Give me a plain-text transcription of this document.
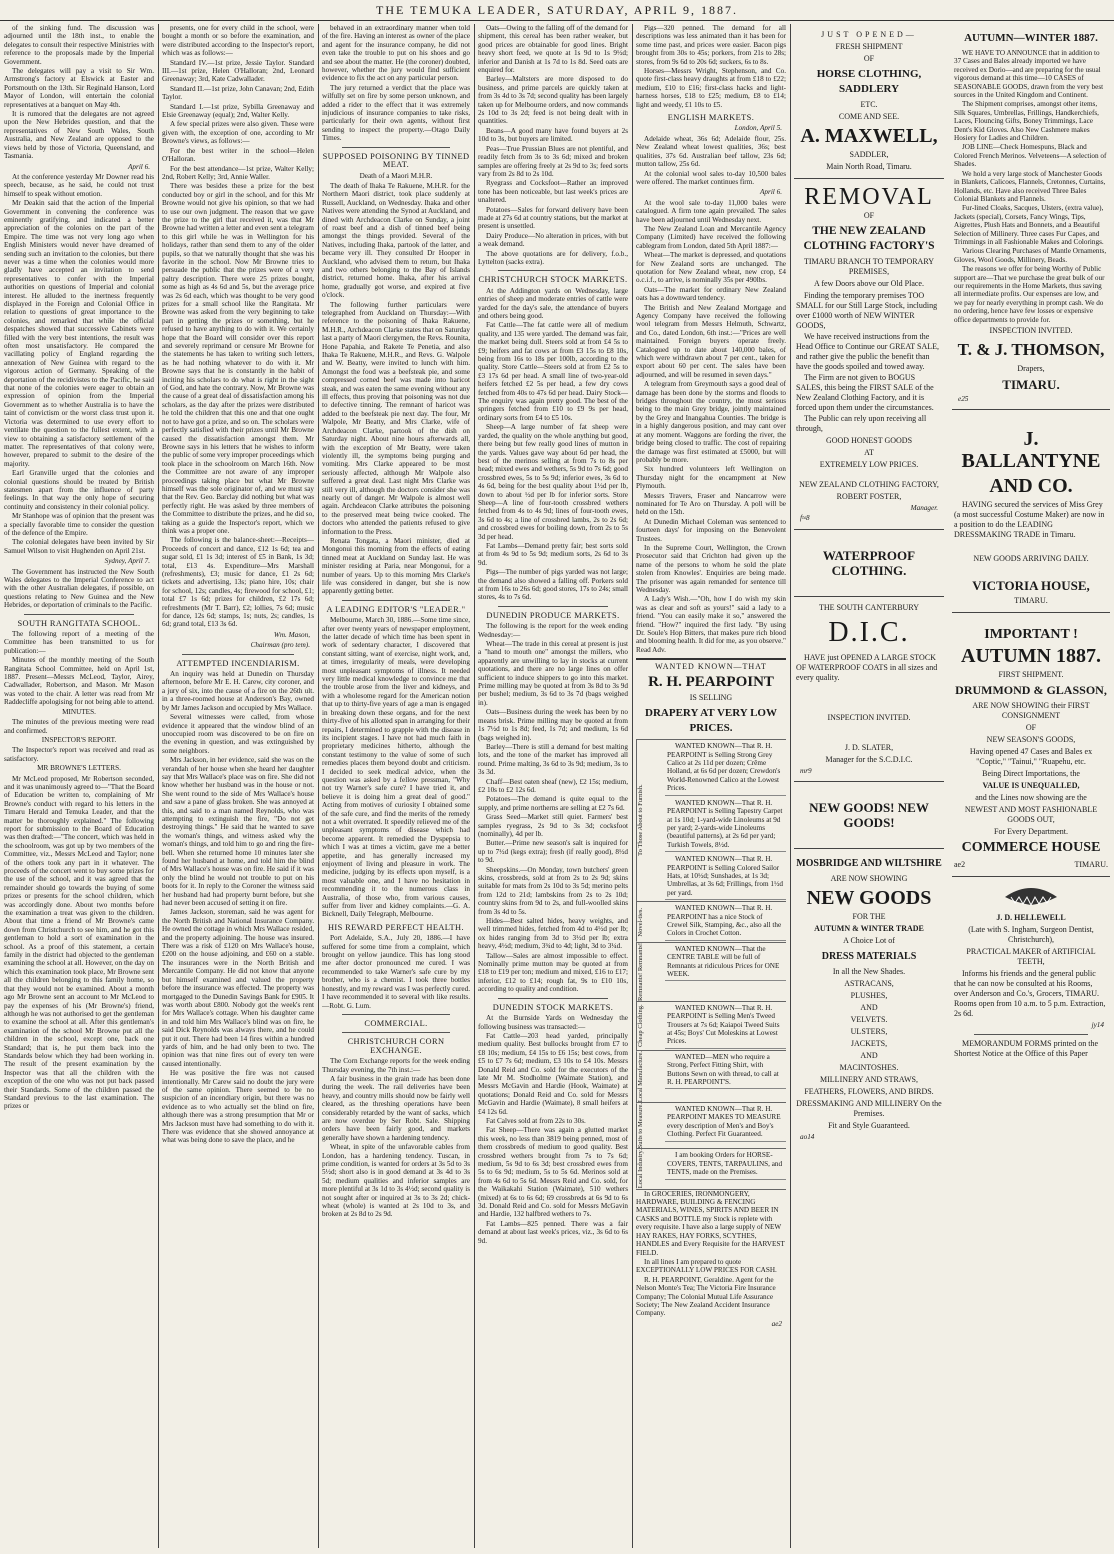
THE TEMUKA LEADER, SATURDAY, APRIL 9, 1887.

of the sinking fund. The discussion was adjourned until the 18th inst., to enable the delegates to consult their respective Ministries with reference to the proposals made by the Imperial Government.

The delegates will pay a visit to Sir Wm. Armstrong's factory at Elswick at Easter and Portsmouth on the 13th. Sir Reginald Hanson, Lord Mayor of London, will entertain the colonial representatives at a banquet on May 4th.

It is rumored that the delegates are not agreed upon the New Hebrides question, and that the representatives of New South Wales, South Australia, and New Zealand are opposed to the views held by those of Victoria, Queensland, and Tasmania.

April 6.

At the conference yesterday Mr Downer read his speech, because, as he said, he could not trust himself to speak without emotion.

Mr Deakin said that the action of the Imperial Government in convening the conference was eminently gratifying, and indicated a better appreciation of the colonies on the part of the Empire. The time was not very long ago when English Ministers would never have dreamed of sending such an invitation to the colonies, but there never was a time when the colonies would more gladly have accepted an invitation to send representatives to confer with the Imperial authorities on questions of Imperial and colonial interest. He alluded to the inertness frequently displayed in the Foreign and Colonial Office in relation to questions of great importance to the colonies, and remarked that while the official despatches showed that successive Cabinets were filled with the very best intentions, the result was often most unsatisfactory. He compared the vacillating policy of England regarding the annexation of New Guinea with regard to the vigorous action of Germany. Speaking of the deportation of the recidivistes to the Pacific, he said that none of the colonies were eager to obtain an expression of opinion from the Imperial Government as to whether Australia is to have the taint of convictism or the worst class trust upon it. Victoria was determined to use every effort to ventilate the question to the fullest extent, with a view to obtaining a satisfactory settlement of the matter. The representatives of that colony were, however, prepared to submit to the desire of the majority.

Earl Granville urged that the colonies and colonial questions should be treated by British statesmen apart from the influence of party feelings. In that way the only hope of securing continuity and consistency in their colonial policy.

Mr Stanhope was of opinion that the present was a specially favorable time to consider the question of the defence of the Empire.

The colonial delegates have been invited by Sir Samuel Wilson to visit Hughenden on April 21st.

Sydney, April 7.

The Government has instructed the New South Wales delegates to the Imperial Conference to act with the other Australian delegates, if possible, on questions relating to New Guinea and the New Hebrides, or deportation of criminals to the Pacific.

SOUTH RANGITATA SCHOOL.

The following report of a meeting of the Committee has been transmitted to us for publication:—

Minutes of the monthly meeting of the South Rangitata School Committee, held on April 1st, 1887. Present—Messrs McLeod, Taylor, Airey, Cadwallader, Robertson, and Mason. Mr Mason was voted to the chair. A letter was read from Mr Raddecliffe apologising for not being able to attend.

MINUTES.

The minutes of the previous meeting were read and confirmed.

INSPECTOR'S REPORT.

The Inspector's report was received and read as satisfactory.

MR BROWNE'S LETTERS.

Mr McLeod proposed, Mr Robertson seconded, and it was unanimously agreed to—"That the Board of Education be written to, complaining of Mr Browne's conduct with regard to his letters in the Timaru Herald and Temuka Leader, and that the matter be thoroughly explained." The following report for submission to the Board of Education was then drafted:—"The concert, which was held in the schoolroom, was got up by two members of the Committee, viz., Messrs McLeod and Taylor; none of the others took any part in it whatever. The proceeds of the concert went to buy some prizes for the use of the school, and it was agreed that the remainder should go towards the buying of some prizes or presents for the school children, which was accordingly done. About two months before the examination a treat was given to the children. About that time a friend of Mr Browne's came down from Christchurch to see him, and he got this gentleman to hold a sort of examination in the school. As a proof of this statement, a certain family in the district had objected to the gentleman examining the school at all. However, on the day on which this examination took place, Mr Browne sent all the children belonging to this family home, so that they would not be examined. About a month ago Mr Browne sent an account to Mr McLeod to pay the expenses of his (Mr Browne's) friend, although he was not authorised to get the gentleman to examine the school at all. After this gentleman's examination of the school Mr Browne put all the children in the school, except one, back one Standard; that is, he put them back into the Standards below which they had been working in. The result of the present examination by the Inspector was that all the children with the exception of the one who was not put back passed their Standards. Some of the children passed the Standard previous to the last examination. The prizes or

presents, one for every child in the school, were bought a month or so before the examination, and were distributed according to the Inspector's report, which was as follows:—

Standard IV.—1st prize, Jessie Taylor. Standard III.—1st prize, Helen O'Halloran; 2nd, Leonard Greenaway; 3rd, Kate Cadwallader.

Standard II.—1st prize, John Canavan; 2nd, Edith Taylor.

Standard I.—1st prize, Sybilla Greenaway and Elsie Greenaway (equal); 2nd, Walter Kelly.

A few special prizes were also given. These were given with, the exception of one, according to Mr Browne's views, as follows:—

For the best writer in the school—Helen O'Halloran.

For the best attendance—1st prize, Walter Kelly; 2nd, Robert Kelly; 3rd, Annie Waller.

There was besides these a prize for the best conducted boy or girl in the school, and for this Mr Browne would not give his opinion, so that we had to use our own judgment. The reason that we gave the prize to the girl that received it, was that Mr Browne had written a letter and even sent a telegram to this girl while he was in Wellington for his holidays, rather than send them to any of the older pupils, so that we naturally thought that she was his favorite in the school. Now Mr Browne tries to persuade the public that the prizes were of a very paltry description. There were 25 prizes bought, some as high as 4s 6d and 5s, but the average price was 2s 6d each, which was thought to be very good prizes for a small school like the Rangitata. Mr Browne was asked from the very beginning to take part in getting the prizes or something, but he refused to have anything to do with it. We certainly hope that the Board will consider over this report and severely reprimand or censure Mr Browne for the statements he has taken to writing such letters, as he had nothing whatever to do with it. Mr Browne says that he is constantly in the habit of inciting his scholars to do what is right in the sight of God, and hate the contrary. Now, Mr Browne was the cause of a great deal of dissatisfaction among his scholars, as the day after the prizes were distributed he told the children that this one and that one ought not to have got a prize, and so on. The scholars were perfectly satisfied with their prizes until Mr Browne caused the dissatisfaction amongst them. Mr Browne says in his letters that he wishes to inform the public of some very improper proceedings which took place in the schoolroom on March 16th. Now the Committee are not aware of any improper proceedings taking place but what Mr Browne himself was the sole originator of, and we must say that the Rev. Geo. Barclay did nothing but what was perfectly right. He was asked by three members of the Committee to distribute the prizes, and he did so, taking as a guide the Inspector's report, which we think was a proper one.

The following is the balance-sheet:—Receipts—Proceeds of concert and dance, £12 1s 6d; tea and sugar sold, £1 1s 3d; interest of £5 in Bank, 1s 3d; total, £13 4s. Expenditure—Mrs Marshall (refreshments), £3; music for dance, £1 2s 6d; tickets and advertising, 13s; piano hire, 10s; chair for school, 12s; candles, 4s; firewood for school, £1; total £7 1s 6d; prizes for children, £2 17s 6d; refreshments (Mr T. Barr), £2; lollies, 7s 6d; music for dance, 12s 6d; stamps, 1s; nuts, 2s; candles, 1s 6d; grand total, £13 3s 6d.

Wm. Mason,
Chairman (pro tem).
ATTEMPTED INCENDIARISM.

An inquiry was held at Dunedin on Thursday afternoon, before Mr E. H. Carew, city coroner, and a jury of six, into the cause of a fire on the 26th ult. in a three-roomed house at Anderson's Bay, owned by Mr James Jackson and occupied by Mrs Wallace.

Several witnesses were called, from whose evidence it appeared that the window blind of an unoccupied room was discovered to be on fire on the evening in question, and was extinguished by some neighbors.

Mrs Jackson, in her evidence, said she was on the verandah of her house when she heard her daughter say that Mrs Wallace's place was on fire. She did not know whether her husband was in the house or not. She went round to the side of Mrs Wallace's house and saw a pane of glass broken. She was annoyed at this, and said to a man named Reynolds, who was attempting to extinguish the fire, "Do not get destroying things." He said that he wanted to save the woman's things, and witness asked why the woman's things, and told him to go and ring the fire-bell. When she returned home 10 minutes later she found her husband at home, and told him the blind of Mrs Wallace's house was on fire. He said if it was only the blind he would not trouble to put on his boots for it. In reply to the Coroner the witness said her husband had had property burnt before, but she had never been accused of setting it on fire.

James Jackson, storeman, said he was agent for the North British and National Insurance Company. He owned the cottage in which Mrs Wallace resided, and the property adjoining. The house was insured. There was a risk of £120 on Mrs Wallace's house, £200 on the house adjoining, and £60 on a stable. The insurances were in the North British and Mercantile Company. He did not know that anyone but himself examined and valued the property before the insurance was effected. The property was mortgaged to the Dunedin Savings Bank for £905. It was worth about £800. Nobody got the week's rent for Mrs Wallace's cottage. When his daughter came in and told him Mrs Wallace's blind was on fire, he said Dick Reynolds was always there, and he could put it out. There had been 14 fires within a hundred yards of him, and he had only been to two. The opinion was that nine fires out of every ten were caused intentionally.

He was positive the fire was not caused intentionally. Mr Carew said no doubt the jury were of the same opinion. There seemed to be no suspicion of an incendiary origin, but there was no evidence as to who actually set the blind on fire, although there was a strong presumption that Mr or Mrs Jackson must have had something to do with it. There was evidence that she showed annoyance at what was being done to save the place, and he

behaved in an extraordinary manner when told of the fire. Having an interest as owner of the place and agent for the insurance company, he did not even take the trouble to put on his shoes and go and see about the matter. He (the coroner) doubted, however, whether the jury would find sufficient evidence to fix the act on any particular person.

The jury returned a verdict that the place was wilfully set on fire by some person unknown, and added a rider to the effect that it was extremely injudicious of insurance companies to take risks, particularly for their own agents, without first sending to inspect the property.—Otago Daily Times.

SUPPOSED POISONING BY TINNED MEAT.
Death of a Maori M.H.R.

The death of Ihaka Te Rakuene, M.H.R. for the Northern Maori district, took place suddenly at Russell, Auckland, on Wednesday. Ihaka and other Natives were attending the Synod at Auckland, and dined with Archdeacon Clarke on Sunday, a joint of roast beef and a dish of tinned beef being amongst the things provided. Several of the Natives, including Ihaka, partook of the latter, and became very ill. They consulted Dr Hooper in Auckland, who advised them to return, but Ihaka and two others belonging to the Bay of Islands district, returned home. Ihaka, after his arrival home, gradually got worse, and expired at five o'clock.

The following further particulars were telegraphed from Auckland on Thursday:—With reference to the poisoning of Ihaka Rakuene, M.H.R., Archdeacon Clarke states that on Saturday last a party of Maori clergymen, the Revs. Rounita, Hone Papahia, and Rakete Te Penetia, and also Ihaka Te Rakuene, M.H.R., and Revs. G. Walpole and W. Beatty, were invited to lunch with him. Amongst the food was a beefsteak pie, and some compressed corned beef was made into haricot steak, and was eaten the same evening without any ill effects, thus proving that poisoning was not due to defective tinning. The remnant of haricot was added to the beefsteak pie next day. The four, Mr Walpole, Mr Beatty, and Mrs Clarke, wife of Archdeacon Clarke, partook of the dish on Saturday night. About nine hours afterwards all, with the exception of Mr Beatty, were taken violently ill, the symptoms being purging and vomiting. Mrs Clarke appeared to be most seriously affected, although Mr Walpole also suffered a great deal. Last night Mrs Clarke was still very ill, although the doctors consider she was nearly out of danger. Mr Walpole is almost well again. Archdeacon Clarke attributes the poisoning to the preserved meat being twice cooked. The doctors who attended the patients refused to give information to the Press.

Renata Tongata, a Maori minister, died at Mongonui this morning from the effects of eating tinned meat at Auckland on Sunday last. He was minister residing at Paria, near Mongonui, for a number of years. Up to this morning Mrs Clarke's life was considered in danger, but she is now apparently getting better.

A LEADING EDITOR'S "LEADER."

Melbourne, March 30, 1886.—Some time since, after over twenty years of newspaper employment, the latter decade of which time has been spent in work of sedentary character, I discovered that constant sitting, want of exercise, night work, and, at times, irregularity of meals, were developing most unpleasant symptoms of illness. It needed very little medical knowledge to convince me that the trouble arose from the liver and kidneys, and with a wholesome regard for the American notion that up to thirty-five years of age a man is engaged in breaking down these organs, and for the next thirty-five of his allotted span in arranging for their repairs, I determined to grapple with the disease in its incipient stages. I have not had much faith in proprietary medicines hitherto, although the constant testimony to the value of some of such remedies places them beyond doubt and criticism. I decided to seek medical advice, when the question was asked by a fellow pressman, "Why not try Warner's safe cure? I have tried it, and believe it is doing him a great deal of good." Acting from motives of curiosity I obtained some of the safe cure, and find the merits of the remedy not a whit overrated. It speedily relieved me of the unpleasant symptoms of disease which had become apparent. It remedied the Dyspepsia to which I was at times a victim, gave me a better appetite, and has generally increased my enjoyment of living and pleasure in work. The medicine, judging by its effects upon myself, is a most valuable one, and I have no hesitation in recommending it to the numerous class in Australia, of those who, from various causes, suffer from liver and kidney complaints.—G. A. Bicknell, Daily Telegraph, Melbourne.

HIS REWARD PERFECT HEALTH.

Port Adelaide, S.A., July 20, 1886.—I have suffered for some time from a complaint, which brought on yellow jaundice. This has long stood me after doctor pronounced me cured. I was recommended to take Warner's safe cure by my brother, who is a chemist. I took three bottles honestly, and my reward was I was perfectly cured. I have recommended it to several with like results.—Robt. G. Lum.

COMMERCIAL.
CHRISTCHURCH CORN EXCHANGE.

The Corn Exchange reports for the week ending Thursday evening, the 7th inst.:—

A fair business in the grain trade has been done during the week. The rail deliveries have been heavy, and country mills should now be fairly well cleared, as the threshing operations have been considerably retarded by the want of sacks, which are now overdue by Ser Robt. Sale. Shipping orders have been fairly good, and markets generally have shown a hardening tendency.

Wheat, in spite of the unfavorable cables from London, has a hardening tendency. Tuscan, in prime condition, is wanted for orders at 3s 5d to 3s 5½d; short also is in good demand at 3s 4d to 3s 5d; medium qualities and inferior samples are more plentiful at 3s 1d to 3s 4½d; second quality is not sought after or inquired at 3s to 3s 2d; chick-wheat (whole) is wanted at 2s 10d to 3s, and broken at 2s 8d to 2s 9d.

Oats—Owing to the falling off of the demand for shipment, this cereal has been rather weaker, but good prices are obtainable for good lines. Bright heavy short feed, we quote at 1s 9d to 1s 9½d; inferior and Danish at 1s 7d to 1s 8d. Seed oats are enquired for.

Barley—Maltsters are more disposed to do business, and prime parcels are quickly taken at from 3s 4d to 3s 7d; second quality has been largely taken up for Melbourne orders, and now commands 2s 10d to 3s 2d; feed is not being dealt with in quantities.

Beans—A good many have found buyers at 2s 10d to 3s, but buyers are limited.

Peas—True Prussian Blues are not plentiful, and readily fetch from 3s to 3s 6d; mixed and broken samples are offering freely at 2s 9d to 3s; feed sorts vary from 2s 8d to 2s 10d.

Ryegrass and Cocksfoot—Rather an improved tone has been noticeable, but last week's prices are unaltered.

Potatoes—Sales for forward delivery have been made at 27s 6d at country stations, but the market at present is unsettled.

Dairy Produce—No alteration in prices, with but a weak demand.

The above quotations are for delivery, f.o.b., Lyttelton (sacks extra).

CHRISTCHURCH STOCK MARKETS.

At the Addington yards on Wednesday, large entries of sheep and moderate entries of cattle were yarded for the day's sale, the attendance of buyers and others being good.

Fat Cattle—The fat cattle were all of medium quality, and 135 were yarded. The demand was fair, the market being dull. Steers sold at from £4 5s to £9; heifers and fat cows at from £3 15s to £8 10s, being from 16s to 18s per 100lb, according to the quality. Store Cattle—Steers sold at from £2 5s to £3 17s 6d per head. A small line of two-year-old heifers fetched £2 5s per head, a few dry cows fetched from 40s to 47s 6d per head. Dairy Stock—The enquiry was again pretty good. The best of the springers fetched from £10 to £9 9s per head, ordinary sorts from £4 to £5 10s.

Sheep—A large number of fat sheep were yarded, the quality on the whole anything but good, there being but few really good lines of mutton in the yards. Values gave way about 6d per head, the best of the merinos selling at from 7s to 8s per head; mixed ewes and wethers, 5s 9d to 7s 6d; good crossbred ewes, 5s to 5s 9d; inferior ewes, 3s 6d to 4s 6d, being for the best quality about 1½d per lb, down to about ½d per lb for inferior sorts. Store Sheep—A line of four-tooth crossbred wethers fetched from 4s to 4s 9d; lines of four-tooth ewes, 3s 6d to 4s; a line of crossbred lambs, 2s to 2s 6d; and crossbred ewes for boiling down, from 2s to 5s 3d per head.

Fat Lambs—Demand pretty fair; best sorts sold at from 4s 9d to 5s 9d; medium sorts, 2s 6d to 3s 9d.

Pigs—The number of pigs yarded was not large; the demand also showed a falling off. Porkers sold at from 16s to 26s 6d; good stores, 17s to 24s; small stores, 4s to 7s 6d.

DUNEDIN PRODUCE MARKETS.

The following is the report for the week ending Wednesday:—

Wheat—The trade in this cereal at present is just a "hand to mouth one" amongst the millers, who apparently are unwilling to lay in stocks at current quotations, and there are no large lines on offer sufficient to induce shippers to go into this market. Prime milling may be quoted at from 3s 8d to 3s 9d per bushel; medium, 3s 6d to 3s 7d (bags weighed in).

Oats—Business during the week has been by no means brisk. Prime milling may be quoted at from 1s 7½d to 1s 8d; feed, 1s 7d; and medium, 1s 6d (bags weighed in).

Barley—There is still a demand for best malting lots, and the tone of the market has improved all round. Prime malting, 3s 6d to 3s 9d; medium, 3s to 3s 3d.

Chaff—Best oaten sheaf (new), £2 15s; medium, £2 10s to £2 12s 6d.

Potatoes—The demand is quite equal to the supply, and prime northerns are selling at £2 7s 6d.

Grass Seed—Market still quiet. Farmers' best samples ryegrass, 2s 9d to 3s 3d; cocksfoot (nominally), 4d per lb.

Butter.—Prime new season's salt is inquired for up to 7½d (kegs extra); fresh (if really good), 8½d to 9d.

Sheepskins.—On Monday, town butchers' green skins, crossbreds, sold at from 2s to 2s 9d; skins suitable for mats from 2s 10d to 3s 5d; merino pelts from 12d to 21d; lambskins from 2s to 2s 10d; country skins from 9d to 2s, and full-woolled skins from 3s 4d to 5s.

Hides—Best salted hides, heavy weights, and well trimmed hides, fetched from 4d to 4½d per lb; ox hides ranging from 3d to 3½d per lb; extra heavy, 4½d; medium, 3¾d to 4d; light, 3d to 3¼d.

Tallow—Sales are almost impossible to effect. Nominally prime mutton may be quoted at from £18 to £19 per ton; medium and mixed, £16 to £17; inferior, £12 to £14; rough fat, 9s to £10 10s, according to quality and condition.

DUNEDIN STOCK MARKETS.

At the Burnside Yards on Wednesday the following business was transacted:—

Fat Cattle—203 head yarded, principally medium quality. Best bullocks brought from £7 to £8 10s; medium, £4 15s to £6 15s; best cows, from £5 to £7 7s 6d; medium, £3 10s to £4 10s. Messrs Donald Reid and Co. sold for the executors of the late Mr M. Stodholme (Waimate Station), and Messrs McGavin and Hardie (Hook, Waimate) at quotations; Donald Reid and Co. sold for Messrs McGavin and Hardie (Waimate), 8 small heifers at £4 12s 6d.

Fat Calves sold at from 22s to 30s.

Fat Sheep—There was again a glutted market this week, no less than 3819 being penned, most of them crossbreds of medium to good quality. Best crossbred wethers brought from 7s to 7s 6d; medium, 5s 9d to 6s 3d; best crossbred ewes from 5s to 6s 9d; medium, 5s to 5s 6d. Merinos sold at from 4s 6d to 5s 6d. Messrs Reid and Co. sold, for the Waikakahi Station (Waimate), 510 wethers (mixed) at 6s to 6s 6d; 69 crossbreds at 6s 9d to 6s 3d. Donald Reid and Co. sold for Messrs McGavin and Hardie, 132 halfbred wethers to 7s.

Fat Lambs—825 penned. There was a fair demand at about last week's prices, viz., 3s 6d to 6s 9d.

Pigs—320 penned. The demand for all descriptions was less animated than it has been for some time past, and prices were easier. Bacon pigs brought from 30s to 45s; porkers, from 21s to 28s; stores, from 9s 6d to 20s 6d; suckers, 6s to 8s.

Horses—Messrs Wright, Stephenson, and Co. quote first-class heavy draughts at from £18 to £22; medium, £10 to £16; first-class hacks and light-harness horses, £18 to £25; medium, £8 to £14; light and weedy, £1 10s to £5.

ENGLISH MARKETS.
London, April 5.

Adelaide wheat, 36s 6d; Adelaide flour, 25s. New Zealand wheat lowest qualities, 36s; best qualities, 37s 6d. Australian beef tallow, 23s 6d; mutton tallow, 25s 6d.

At the colonial wool sales to-day 10,500 bales were offered. The market continues firm.

April 6.

At the wool sale to-day 11,000 bales were catalogued. A firm tone again prevailed. The sales have been adjourned until Wednesday next.

The New Zealand Loan and Mercantile Agency Company (Limited) have received the following cablegram from London, dated 5th April 1887:—

Wheat—The market is depressed, and quotations for New Zealand sorts are unchanged. The quotation for New Zealand wheat, new crop, £4 o.c.i.f., to arrive, is nominally 35s per 490lbs.

Oats—The market for ordinary New Zealand oats has a downward tendency.

The British and New Zealand Mortgage and Agency Company have received the following wool telegram from Messrs Helmuth, Schwartz, and Co., dated London, 6th inst.:—"Prices are well maintained. Foreign buyers operate freely. Catalogued up to date about 140,000 bales, of which were withdrawn about 7 per cent., taken for export about 60 per cent. The sales have been adjourned, and will be resumed in seven days."

A telegram from Greymouth says a good deal of damage has been done by the storms and floods to bridges throughout the country, the most serious being to the main Grey bridge, jointly maintained by the Grey and Inangahua Counties. The bridge is in a highly dangerous position, and may cant over at any moment. Waggons are fording the river, the bridge being closed to traffic. The cost of repairing the damage was first estimated at £5000, but will probably be more.

Six hundred volunteers left Wellington on Thursday night for the encampment at New Plymouth.

Messrs Travers, Fraser and Nancarrow were nominated for Te Aro on Thursday. A poll will be held on the 15th.

At Dunedin Michael Coleman was sentenced to fourteen days' for imposing on the Benevolent Trustees.

In the Supreme Court, Wellington, the Crown Prosecutor said that Crichton had given up the name of the persons to whom he sold the plate stolen from Knowles'. Enquiries are being made. The prisoner was again remanded for sentence till Wednesday.

A Lady's Wish.—"Oh, how I do wish my skin was as clear and soft as yours!" said a lady to a friend. "You can easily make it so," answered the friend. "How?" inquired the first lady. "By using Dr. Soule's Hop Bitters, that makes pure rich blood and blooming health. It did for me, as you observe." Read Adv.

WANTED KNOWN—THAT
R. H. PEARPOINT
IS SELLING
DRAPERY AT VERY LOW PRICES.
To Those About to Furnish.

WANTED KNOWN—That R. H. PEARPOINT is Selling Strong Grey Calico at 2s 11d per dozen; Crême Holland, at 6s 6d per dozen; Crewdon's World-Renowned Calico at the Lowest Prices.

WANTED KNOWN—That R. H. PEARPOINT is Selling Tapestry Carpet at 1s 10d; 1-yard-wide Linoleums at 9d per yard; 2-yards-wide Linoleums (beautiful patterns), at 2s 6d per yard; Turkish Towels, 8½d.

WANTED KNOWN—That R. H. PEARPOINT is Selling Colored Sailor Hats, at 10½d; Sunshades, at 1s 3d; Umbrellas, at 3s 6d; Frillings, from 1½d per yard.

Novel-ties.	WANTED KNOWN—That R. H. PEARPOINT has a nice Stock of Crewel Silk, Stamping, &c., also all the Colors in Crochet Cotton.

Remnants! Remnants!	WANTED KNOWN—That the CENTRE TABLE will be full of Remnants at ridiculous Prices for ONE WEEK.

Cheap Clothing.	WANTED KNOWN—That R. H. PEARPOINT is Selling Men's Tweed Trousers at 7s 6d; Kaiapoi Tweed Suits at 45s; Boys' Cut Moleskins at Lowest Prices.

Local Manufacture.	WANTED—MEN who require a Strong, Perfect Fitting Shirt, with Buttons Sewn on with thread, to call at R. H. PEARPOINT'S.

Suits to Measure.	WANTED KNOWN—That R. H. PEARPOINT MAKES TO MEASURE every description of Men's and Boy's Clothing. Perfect Fit Guaranteed.

Local Industry.	I am booking Orders for HORSE-COVERS, TENTS, TARPAULINS, and TENTS, made on the Premises.

In GROCERIES, IRONMONGERY, HARDWARE, BUILDING & FENCING MATERIALS, WINES, SPIRITS AND BEER IN CASKS and BOTTLE my Stock is replete with every requisite. I have also a large supply of NEW HAY RAKES, HAY FORKS, SCYTHES, HANDLES and Every Requisite for the HARVEST FIELD.

In all lines I am prepared to quote EXCEPTIONALLY LOW PRICES FOR CASH.

R. H. PEARPOINT, Geraldine. Agent for the Nelson Monte's Tea; The Victoria Fire Insurance Company; The Colonial Mutual Life Assurance Society; The New Zealand Accident Insurance Company.

ae2
JUST OPENED—
FRESH SHIPMENT
OF
HORSE CLOTHING, SADDLERY
ETC.
COME AND SEE.
A. MAXWELL,
SADDLER,
Main North Road, Timaru.
REMOVAL
OF
THE NEW ZEALAND CLOTHING FACTORY'S
TIMARU BRANCH TO TEMPORARY PREMISES,
A few Doors above our Old Place.

Finding the temporary premises TOO SMALL for our Still Large Stock, including over £1000 worth of NEW WINTER GOODS,

We have received instructions from the Head Office to Continue our GREAT SALE, and rather give the public the benefit than have the goods spoiled and towed away.

The Firm are not given to BOGUS SALES, this being the FIRST SALE of the New Zealand Clothing Factory, and it is forced upon them under the circumstances.

The Public can rely upon receiving all through,

GOOD HONEST GOODS
AT
EXTREMELY LOW PRICES.
NEW ZEALAND CLOTHING FACTORY,
ROBERT FOSTER,
Manager.
f≈8
WATERPROOF CLOTHING.
THE SOUTH CANTERBURY
D.I.C.

HAVE just OPENED A LARGE STOCK OF WATERPROOF COATS in all sizes and every quality.

INSPECTION INVITED.
J. D. SLATER,
Manager for the S.C.D.I.C.
mr9
NEW GOODS! NEW GOODS!
MOSBRIDGE AND WILTSHIRE
ARE NOW SHOWING
NEW GOODS
FOR THE
AUTUMN & WINTER TRADE
A Choice Lot of
DRESS MATERIALS
In all the New Shades.
ASTRACANS,
PLUSHES,
AND
VELVETS.
ULSTERS,
JACKETS,
AND
MACINTOSHES.
MILLINERY AND STRAWS,
FEATHERS, FLOWERS, AND BIRDS.
DRESSMAKING AND MILLINERY On the Premises.
Fit and Style Guaranteed.
ao14
AUTUMN—WINTER 1887.

WE HAVE TO ANNOUNCE that in addition to 37 Cases and Bales already imported we have received ex Dorio—and are preparing for the usual vigorous demand at this time—10 CASES of SEASONABLE GOODS, drawn from the very best sources in the United Kingdom and Continent.

The Shipment comprises, amongst other items, Silk Squares, Umbrellas, Frillings, Handkerchiefs, Laces, Flouncing Gifts, Boney Trimmings, Lace Dent's Kid Gloves. Also New Cashmere makes Hosiery for Ladies and Children.

JOB LINE—Check Homespuns, Black and Colored French Merinos. Velveteens—A selection of Shades.

We hold a very large stock of Manchester Goods in Blankets, Calicoes, Flannels, Cretonnes, Curtains, Hollands, etc. Have also received Three Bales Colonial Blankets and Flannels.

Fur-lined Cloaks, Sacques, Ulsters, (extra value), Jackets (special), Corsets, Fancy Wings, Tips, Aigrettes, Plush Hats and Bonnets, and a Beautiful Selection of Millinery. Three cases Fur Capes, and Trimmings in all Fashionable Makes and Colorings.

Various Clearing Purchases of Mantle Ornaments, Gloves, Wool Goods, Millinery, Beads.

The reasons we offer for being Worthy of Public support are—That we purchase the great bulk of our our requirements in the Home Markets, thus saving all intermediate profits. Our expenses are low, and we pay for nearly everything in prompt cash. We do no ordering, hence have few losses or expensive office departments to provide for.

INSPECTION INVITED.
T. & J. THOMSON,
Drapers,
TIMARU.
e25
J. BALLANTYNE
AND CO.

HAVING secured the services of Miss Grey (a most successful Costume Maker) are now in a position to do the LEADING DRESSMAKING TRADE in Timaru.

NEW GOODS ARRIVING DAILY.
VICTORIA HOUSE,
TIMARU.
IMPORTANT !
AUTUMN 1887.
FIRST SHIPMENT.
DRUMMOND & GLASSON,
ARE NOW SHOWING their FIRST CONSIGNMENT
OF
NEW SEASON'S GOODS,
Having opened 47 Cases and Bales ex "Coptic," "Tainui," "Ruapehu, etc.
Being Direct Importations, the
VALUE IS UNEQUALLED,
and the Lines now showing are the
NEWEST AND MOST FASHIONABLE GOODS OUT,
For Every Department.
COMMERCE HOUSE
ae2	TIMARU.
J. D. HELLEWELL
(Late with S. Ingham, Surgeon Dentist, Christchurch),
PRACTICAL MAKER of ARTIFICIAL TEETH,

Informs his friends and the general public that he can now be consulted at his Rooms, over Anderson and Co.'s, Grocers, TIMARU. Rooms open from 10 a.m. to 5 p.m. Extraction, 2s 6d.

jy14

MEMORANDUM FORMS printed on the Shortest Notice at the Office of this Paper
